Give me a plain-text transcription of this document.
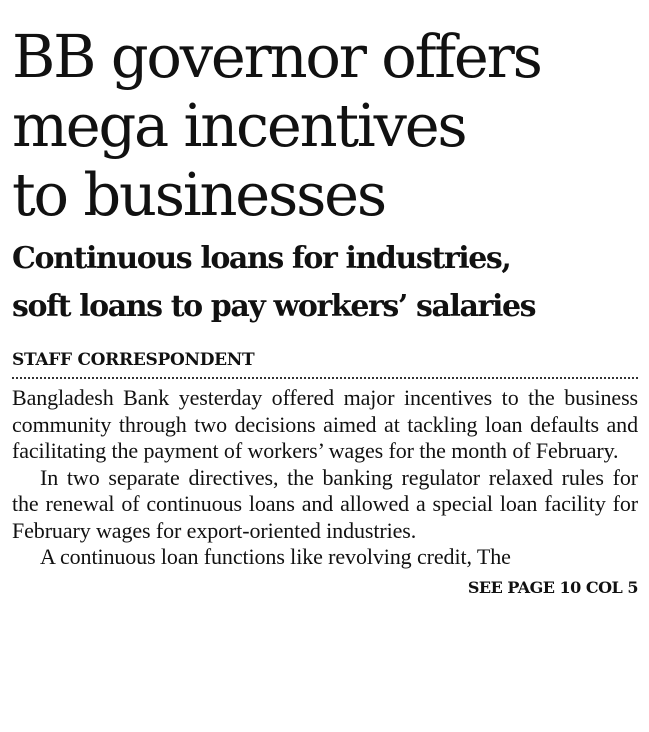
BB governor offers
mega incentives
to businesses
Continuous loans for industries,
soft loans to pay workers’ salaries
STAFF CORRESPONDENT

Bangladesh Bank yesterday offered major incentives to the business community through two decisions aimed at tackling loan defaults and facilitating the payment of workers’ wages for the month of February.

In two separate directives, the banking regulator relaxed rules for the renewal of continuous loans and allowed a special loan facility for February wages for export-oriented industries.

A continuous loan functions like revolving credit, The

SEE PAGE 10 COL 5
